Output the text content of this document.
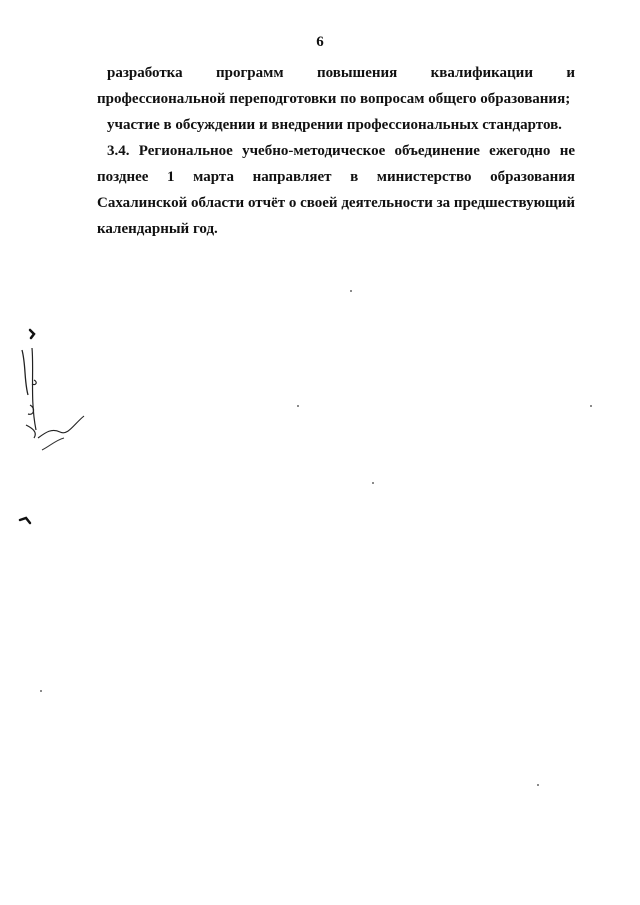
6

разработка программ повышения квалификации и профессиональной переподготовки по вопросам общего образования;

участие в обсуждении и внедрении профессиональных стандартов.

3.4. Региональное учебно-методическое объединение ежегодно не позднее 1 марта направляет в министерство образования Сахалинской области отчёт о своей деятельности за предшествующий календарный год.
